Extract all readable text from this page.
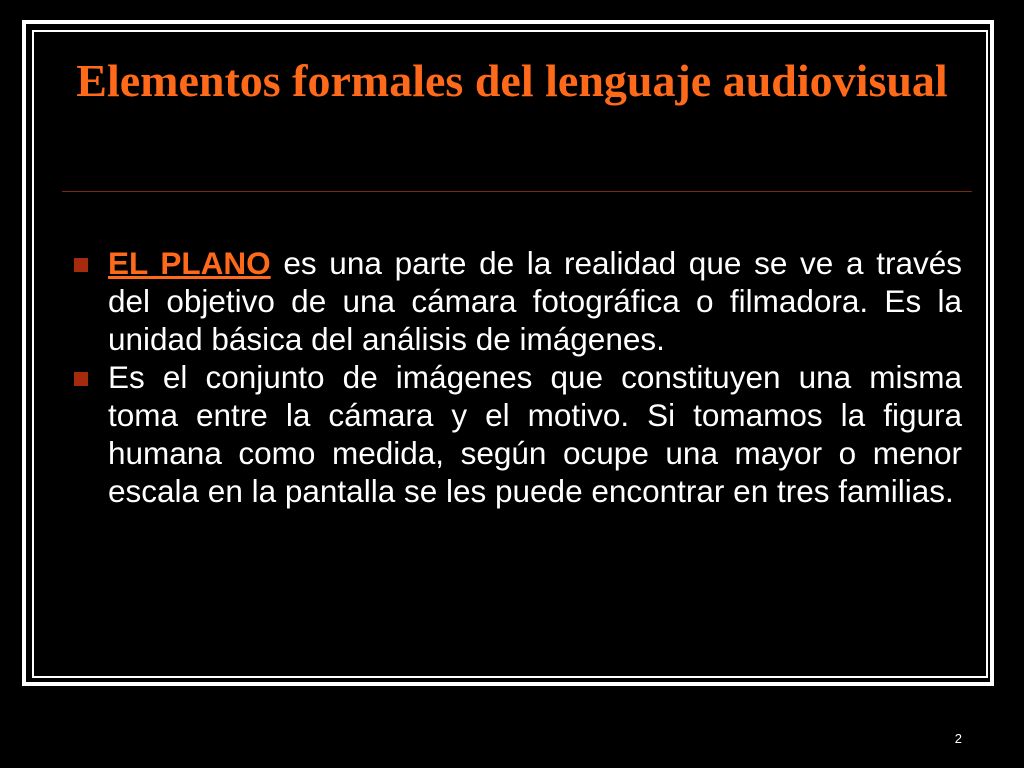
Elementos formales del lenguaje audiovisual
EL PLANO es una parte de la realidad que se ve a través del objetivo de una cámara fotográfica o filmadora. Es la unidad básica del análisis de imágenes.
Es el conjunto de imágenes que constituyen una misma toma entre la cámara y el motivo. Si tomamos la figura humana como medida, según ocupe una mayor o menor escala en la pantalla se les puede encontrar en tres familias.
2
